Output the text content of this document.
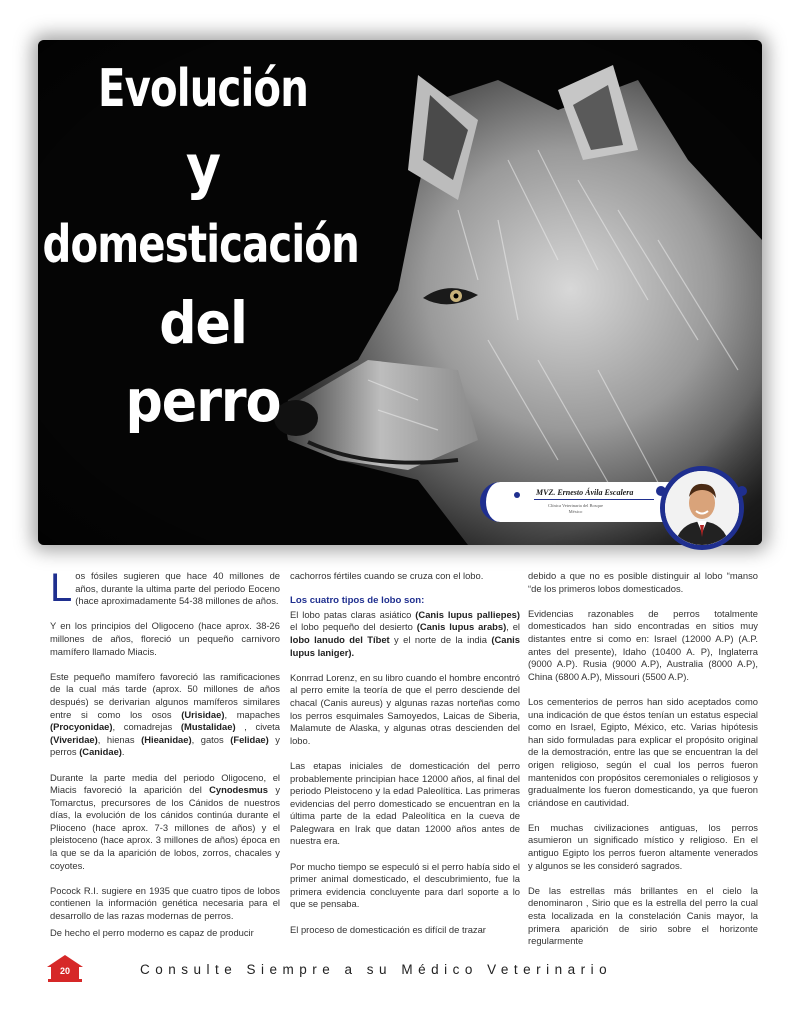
Evolución
y
domesticación
del
perro
MVZ. Ernesto Ávila Escalera
Clínica Veterinaria del Bosque
México

Los fósiles sugieren que hace 40 millones de años, durante la ultima parte del periodo Eoceno (hace aproximadamente 54-38 millones de años.

Y en los principios del Oligoceno (hace aprox. 38-26 millones de años, floreció un pequeño carnivoro mamífero llamado Miacis.

Este pequeño mamífero favoreció las ramificaciones de la cual más tarde (aprox. 50 millones de años después) se derivarian algunos mamíferos similares entre si como los osos (Urisidae), mapaches (Procyonidae), comadrejas (Mustalidae) , civeta (Viveridae), hienas (Hieanidae), gatos (Felidae) y perros (Canidae).

Durante la parte media del periodo Oligoceno, el Miacis favoreció la aparición del Cynodesmus y Tomarctus, precursores de los Cánidos de nuestros días, la evolución de los cánidos continúa durante el Plioceno (hace aprox. 7-3 millones de años) y el pleistoceno (hace aprox. 3 millones de años) época en la que se da la aparición de lobos, zorros, chacales y coyotes.

Pocock R.I. sugiere en 1935 que cuatro tipos de lobos contienen la información genética necesaria para el desarrollo de las razas modernas de perros.

De hecho el perro moderno es capaz de producir

cachorros fértiles cuando se cruza con el lobo.

Los cuatro tipos de lobo son:

El lobo patas claras asiático (Canis lupus palliepes) el lobo pequeño del desierto (Canis lupus arabs), el lobo lanudo del Tíbet y el norte de la india (Canis lupus laniger).

Konrrad Lorenz, en su libro cuando el hombre encontró al perro emite la teoría de que el perro desciende del chacal (Canis aureus) y algunas razas norteñas como los perros esquimales Samoyedos, Laicas de Siberia, Malamute de Alaska, y algunas otras descienden del lobo.

Las etapas iniciales de domesticación del perro probablemente principian hace 12000 años, al final del periodo Pleistoceno y la edad Paleolítica. Las primeras evidencias del perro domesticado se encuentran en la última parte de la edad Paleolítica en la cueva de Palegwara en Irak que datan 12000 años antes de nuestra era.

Por mucho tiempo se especuló si el perro había sido el primer animal domesticado, el descubrimiento, fue la primera evidencia concluyente para darl soporte a lo que se pensaba.

El proceso de domesticación es difícil de trazar

debido a que no es posible distinguir al lobo “manso “de los primeros lobos domesticados.

Evidencias razonables de perros totalmente domesticados han sido encontradas en sitios muy distantes entre si como en: Israel (12000 A.P) (A.P. antes del presente), Idaho (10400 A. P), Inglaterra (9000 A.P). Rusia (9000 A.P), Australia (8000 A.P), China (6800 A.P), Missouri (5500 A.P).

Los cementerios de perros han sido aceptados como una indicación de que éstos tenían un estatus especial como en Israel, Egipto, México, etc. Varias hipótesis han sido formuladas para explicar el propósito original de la demostración, entre las que se encuentran la del origen religioso, según el cual los perros fueron mantenidos con propósitos ceremoniales o religiosos y gradualmente los fueron domesticando, ya que fueron criándose en cautividad.

En muchas civilizaciones antiguas, los perros asumieron un significado místico y religioso. En el antiguo Egipto los perros fueron altamente venerados y algunos se les consideró sagrados.

De las estrellas más brillantes en el cielo la denominaron , Sirio que es la estrella del perro la cual esta localizada en la constelación Canis mayor, la primera aparición de sirio sobre el horizonte regularmente

20	Consulte Siempre a su Médico Veterinario
